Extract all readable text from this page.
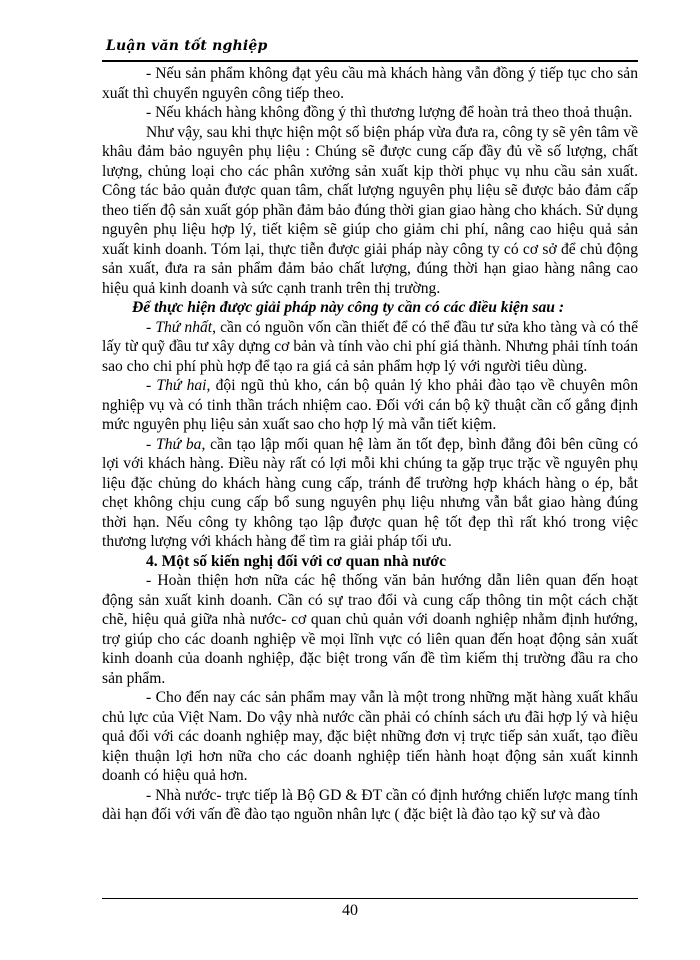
Luận văn tốt nghiệp

- Nếu sản phẩm không đạt yêu cầu mà khách hàng vẫn đồng ý tiếp tục cho sản xuất thì chuyển nguyên công tiếp theo.

- Nếu khách hàng không đồng ý thì thương lượng để hoàn trả theo thoả thuận.

Như vậy, sau khi thực hiện một số biện pháp vừa đưa ra, công ty sẽ yên tâm về khâu đảm bảo nguyên phụ liệu : Chúng sẽ được cung cấp đầy đủ về số lượng, chất lượng, chủng loại cho các phân xưởng sản xuất kịp thời phục vụ nhu cầu sản xuất. Công tác bảo quản được quan tâm, chất lượng nguyên phụ liệu sẽ được bảo đảm cấp theo tiến độ sản xuất góp phần đảm bảo đúng thời gian giao hàng cho khách. Sử dụng nguyên phụ liệu hợp lý, tiết kiệm sẽ giúp cho giảm chi phí, nâng cao hiệu quả sản xuất kinh doanh. Tóm lại, thực tiễn được giải pháp này công ty có cơ sở để chủ động sản xuất, đưa ra sản phẩm đảm bảo chất lượng, đúng thời hạn giao hàng nâng cao hiệu quả kinh doanh và sức cạnh tranh trên thị trường.

Để thực hiện được giải pháp này công ty cần có các điều kiện sau :

- Thứ nhất, cần có nguồn vốn cần thiết để có thể đầu tư sửa kho tàng và có thể lấy từ quỹ đầu tư xây dựng cơ bản và tính vào chi phí giá thành. Nhưng phải tính toán sao cho chi phí phù hợp để tạo ra giá cả sản phẩm hợp lý với người tiêu dùng.

- Thứ hai, đội ngũ thủ kho, cán bộ quản lý kho phải đào tạo về chuyên môn nghiệp vụ và có tinh thần trách nhiệm cao. Đối với cán bộ kỹ thuật cần cố gắng định mức nguyên phụ liệu sản xuất sao cho hợp lý mà vẫn tiết kiệm.

- Thứ ba, cần tạo lập mối quan hệ làm ăn tốt đẹp, bình đẳng đôi bên cũng có lợi với khách hàng. Điều này rất có lợi mỗi khi chúng ta gặp trục trặc về nguyên phụ liệu đặc chủng do khách hàng cung cấp, tránh để trường hợp khách hàng o ép, bắt chẹt không chịu cung cấp bổ sung nguyên phụ liệu nhưng vẫn bắt giao hàng đúng thời hạn. Nếu công ty không tạo lập được quan hệ tốt đẹp thì rất khó trong việc thương lượng với khách hàng để tìm ra giải pháp tối ưu.

4. Một số kiến nghị đối với cơ quan nhà nước

- Hoàn thiện hơn nữa các hệ thống văn bản hướng dẫn liên quan đến hoạt động sản xuất kinh doanh. Cần có sự trao đổi và cung cấp thông tin một cách chặt chẽ, hiệu quả giữa nhà nước- cơ quan chủ quản với doanh nghiệp nhằm định hướng, trợ giúp cho các doanh nghiệp về mọi lĩnh vực có liên quan đến hoạt động sản xuất kinh doanh của doanh nghiệp, đặc biệt trong vấn đề tìm kiếm thị trường đầu ra cho sản phẩm.

- Cho đến nay các sản phẩm may vẫn là một trong những mặt hàng xuất khẩu chủ lực của Việt Nam. Do vậy nhà nước cần phải có chính sách ưu đãi hợp lý và hiệu quả đối với các doanh nghiệp may, đặc biệt những đơn vị trực tiếp sản xuất, tạo điều kiện thuận lợi hơn nữa cho các doanh nghiệp tiến hành hoạt động sản xuất kinnh doanh có hiệu quả hơn.

- Nhà nước- trực tiếp là Bộ GD & ĐT cần có định hướng chiến lược mang tính dài hạn đối với vấn đề đào tạo nguồn nhân lực ( đặc biệt là đào tạo kỹ sư và đào

40
